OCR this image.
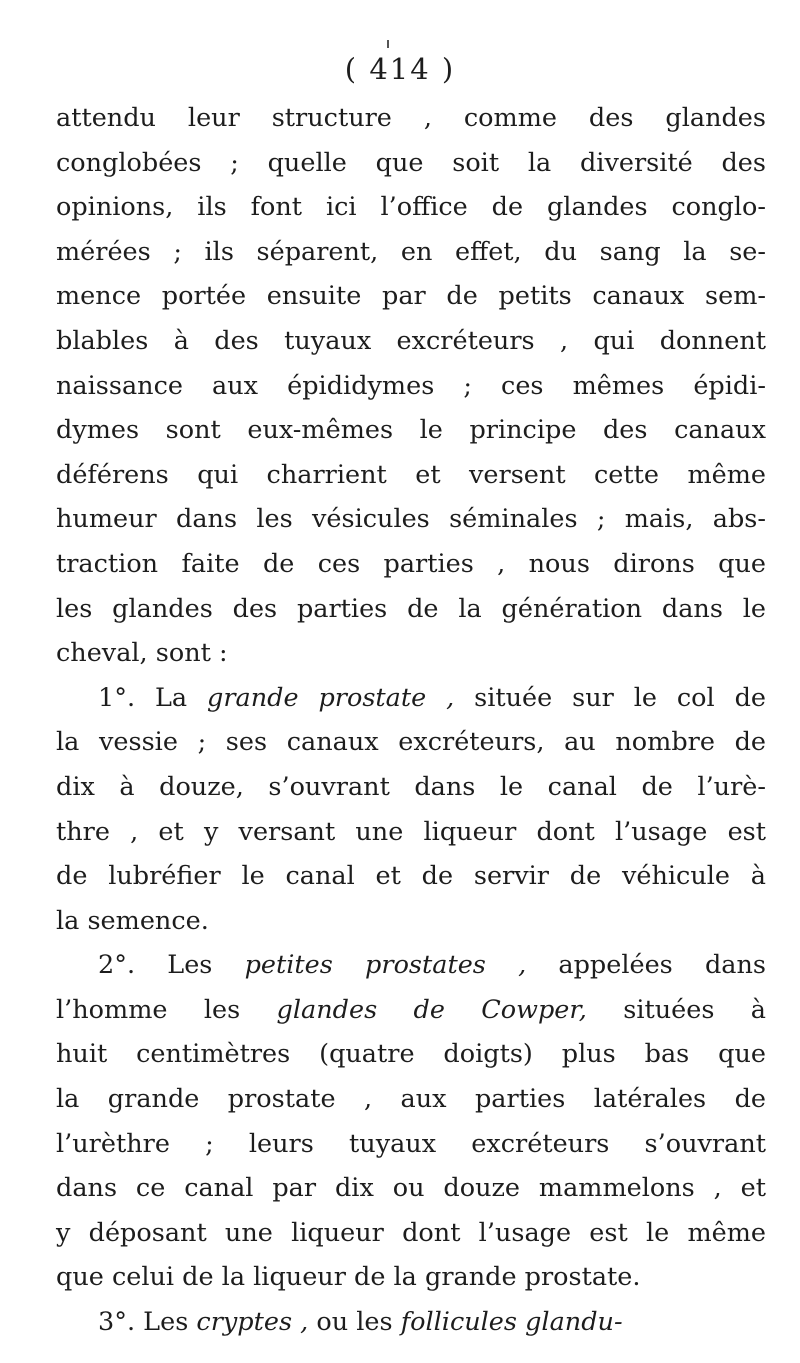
( 414 )
attendu leur structure , comme des glandes
conglobées ; quelle que soit la diversité des
opinions, ils font ici l’office de glandes conglo-
mérées ; ils séparent, en effet, du sang la se-
mence portée ensuite par de petits canaux sem-
blables à des tuyaux excréteurs , qui donnent
naissance aux épididymes ; ces mêmes épidi-
dymes sont eux-mêmes le principe des canaux
déférens qui charrient et versent cette même
humeur dans les vésicules séminales ; mais, abs-
traction faite de ces parties , nous dirons que
les glandes des parties de la génération dans le
cheval, sont :
1°. La grande prostate , située sur le col de
la vessie ; ses canaux excréteurs, au nombre de
dix à douze, s’ouvrant dans le canal de l’urè-
thre , et y versant une liqueur dont l’usage est
de lubréfier le canal et de servir de véhicule à
la semence.
2°. Les petites prostates , appelées dans
l’homme les glandes de Cowper, situées à
huit centimètres (quatre doigts) plus bas que
la grande prostate , aux parties latérales de
l’urèthre ; leurs tuyaux excréteurs s’ouvrant
dans ce canal par dix ou douze mammelons , et
y déposant une liqueur dont l’usage est le même
que celui de la liqueur de la grande prostate.
3°. Les cryptes , ou les follicules glandu-
